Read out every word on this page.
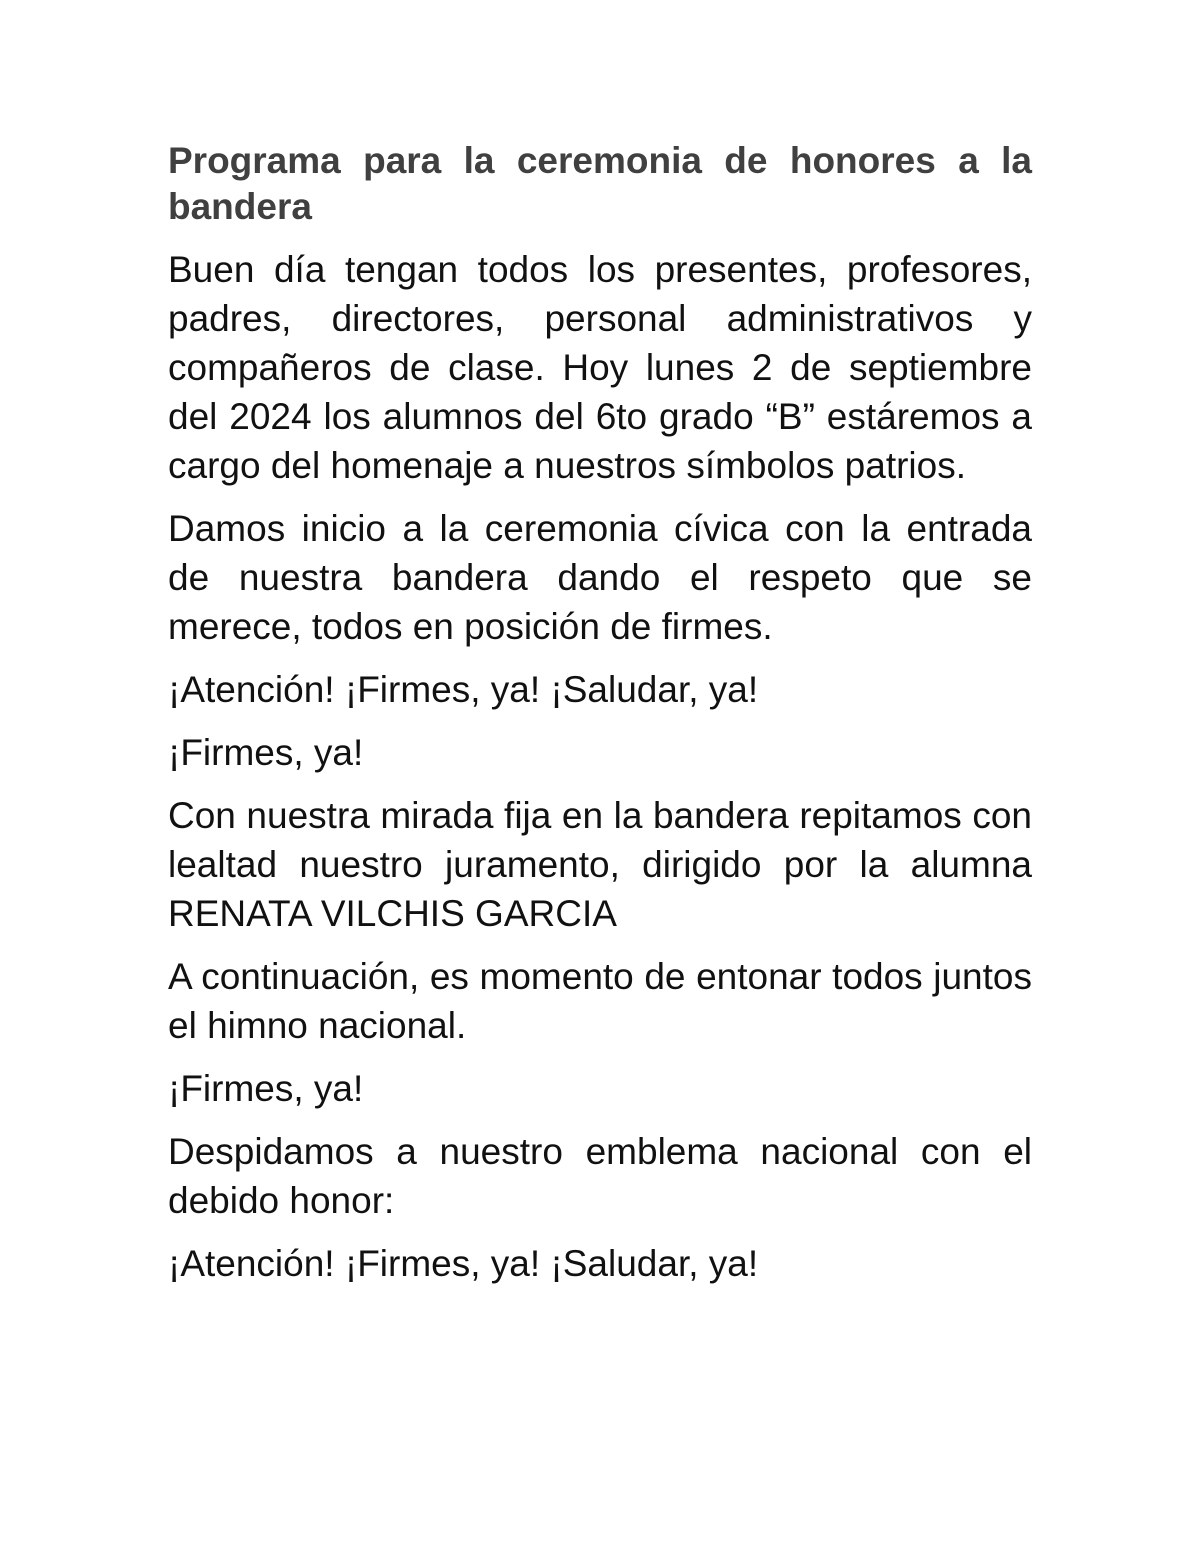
Programa para la ceremonia de honores a la bandera

Buen día tengan todos los presentes, profesores, padres, directores, personal administrativos y compañeros de clase. Hoy lunes 2 de septiembre del 2024 los alumnos del 6to grado “B” estáremos a cargo del homenaje a nuestros símbolos patrios.

Damos inicio a la ceremonia cívica con la entrada de nuestra bandera dando el respeto que se merece, todos en posición de firmes.

¡Atención! ¡Firmes, ya! ¡Saludar, ya!

¡Firmes, ya!

Con nuestra mirada fija en la bandera repitamos con lealtad nuestro juramento, dirigido por la alumna RENATA VILCHIS GARCIA

A continuación, es momento de entonar todos juntos el himno nacional.

¡Firmes, ya!

Despidamos a nuestro emblema nacional con el debido honor:

¡Atención! ¡Firmes, ya! ¡Saludar, ya!
